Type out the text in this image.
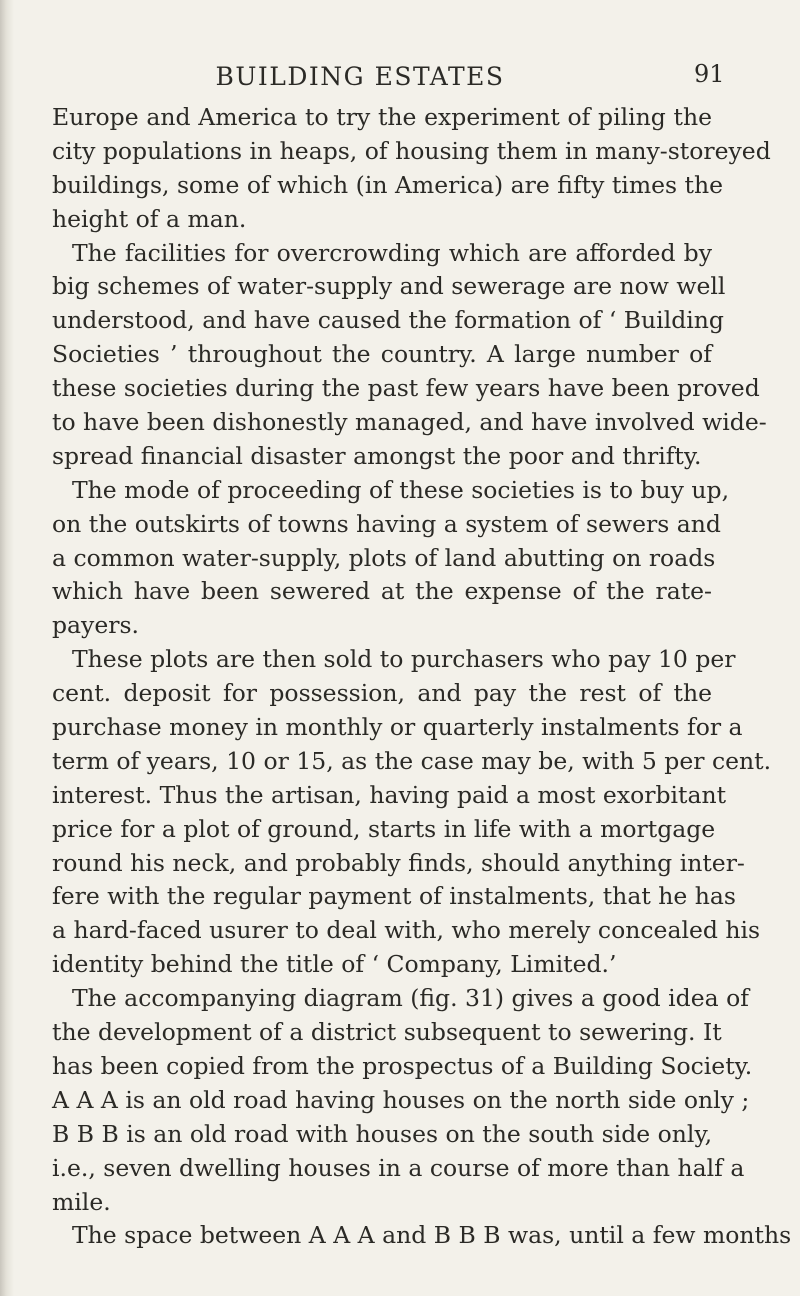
BUILDING ESTATES	91
Europe and America to try the experiment of piling the
city populations in heaps, of housing them in many-storeyed
buildings, some of which (in America) are fifty times the
height of a man.
The facilities for overcrowding which are afforded by
big schemes of water-supply and sewerage are now well
understood, and have caused the formation of ‘ Building
Societies ’ throughout the country. A large number of
these societies during the past few years have been proved
to have been dishonestly managed, and have involved wide-
spread financial disaster amongst the poor and thrifty.
The mode of proceeding of these societies is to buy up,
on the outskirts of towns having a system of sewers and
a common water-supply, plots of land abutting on roads
which have been sewered at the expense of the rate-
payers.
These plots are then sold to purchasers who pay 10 per
cent. deposit for possession, and pay the rest of the
purchase money in monthly or quarterly instalments for a
term of years, 10 or 15, as the case may be, with 5 per cent.
interest. Thus the artisan, having paid a most exorbitant
price for a plot of ground, starts in life with a mortgage
round his neck, and probably finds, should anything inter-
fere with the regular payment of instalments, that he has
a hard-faced usurer to deal with, who merely concealed his
identity behind the title of ‘ Company, Limited.’
The accompanying diagram (fig. 31) gives a good idea of
the development of a district subsequent to sewering. It
has been copied from the prospectus of a Building Society.
A A A is an old road having houses on the north side only ;
B B B is an old road with houses on the south side only,
i.e., seven dwelling houses in a course of more than half a
mile.
The space between A A A and B B B was, until a few months
